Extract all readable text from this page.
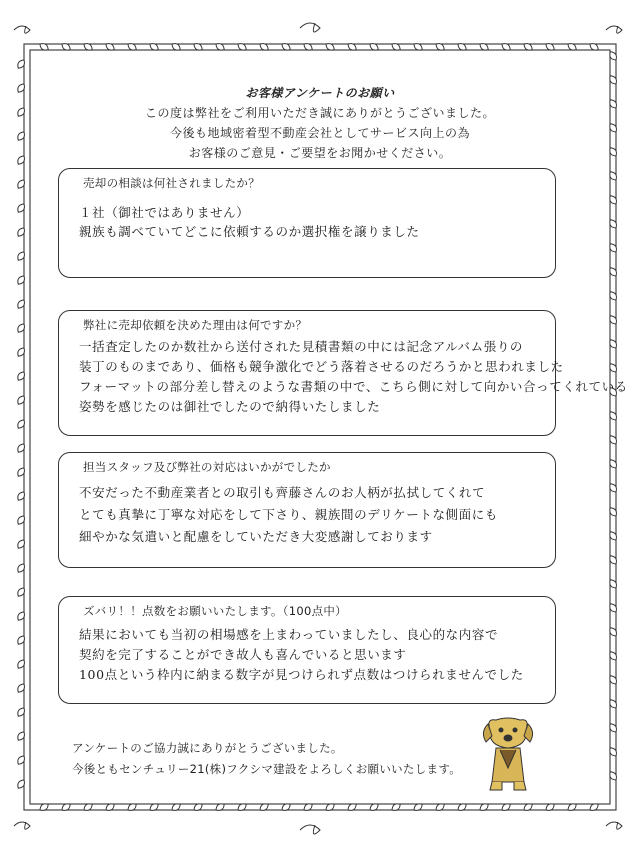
お客様アンケートのお願い
この度は弊社をご利用いただき誠にありがとうございました。
今後も地域密着型不動産会社としてサービス向上の為
お客様のご意見・ご要望をお聞かせください。
売却の相談は何社されましたか？
１社（御社ではありません）
親族も調べていてどこに依頼するのか選択権を譲りました
弊社に売却依頼を決めた理由は何ですか？
一括査定したのか数社から送付された見積書類の中には記念アルバム張りの
装丁のものまであり、価格も競争激化でどう落着させるのだろうかと思われました
フォーマットの部分差し替えのような書類の中で、こちら側に対して向かい合ってくれている
姿勢を感じたのは御社でしたので納得いたしました
担当スタッフ及び弊社の対応はいかがでしたか
不安だった不動産業者との取引も齊藤さんのお人柄が払拭してくれて
とても真摯に丁寧な対応をして下さり、親族間のデリケートな側面にも
細やかな気遣いと配慮をしていただき大変感謝しております
ズバリ！！点数をお願いいたします。（100点中）
結果においても当初の相場感を上まわっていましたし、良心的な内容で
契約を完了することができ故人も喜んでいると思います
100点という枠内に納まる数字が見つけられず点数はつけられませんでした
アンケートのご協力誠にありがとうございました。
今後ともセンチュリー21(株)フクシマ建設をよろしくお願いいたします。
